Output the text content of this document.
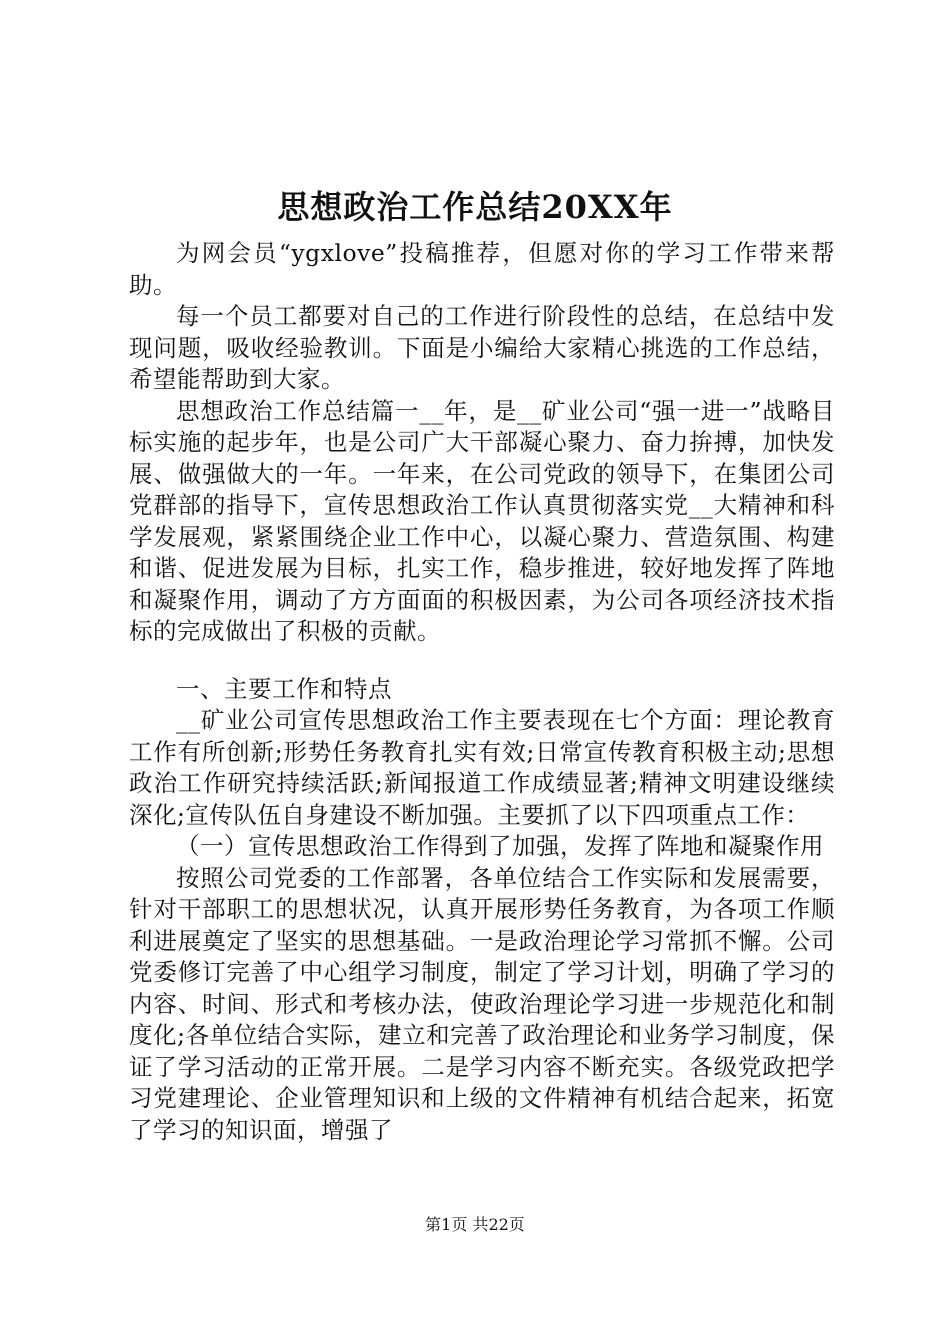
思想政治工作总结20XX年

为网会员“ygxlove”投稿推荐，但愿对你的学习工作带来帮助。

每一个员工都要对自己的工作进行阶段性的总结，在总结中发现问题，吸收经验教训。下面是小编给大家精心挑选的工作总结，希望能帮助到大家。

思想政治工作总结篇一__年，是__矿业公司“强一进一”战略目标实施的起步年，也是公司广大干部凝心聚力、奋力拚搏，加快发展、做强做大的一年。一年来，在公司党政的领导下，在集团公司党群部的指导下，宣传思想政治工作认真贯彻落实党__大精神和科学发展观，紧紧围绕企业工作中心，以凝心聚力、营造氛围、构建和谐、促进发展为目标，扎实工作，稳步推进，较好地发挥了阵地和凝聚作用，调动了方方面面的积极因素，为公司各项经济技术指标的完成做出了积极的贡献。

一、主要工作和特点

__矿业公司宣传思想政治工作主要表现在七个方面：理论教育工作有所创新;形势任务教育扎实有效;日常宣传教育积极主动;思想政治工作研究持续活跃;新闻报道工作成绩显著;精神文明建设继续深化;宣传队伍自身建设不断加强。主要抓了以下四项重点工作：

（一）宣传思想政治工作得到了加强，发挥了阵地和凝聚作用

按照公司党委的工作部署，各单位结合工作实际和发展需要，针对干部职工的思想状况，认真开展形势任务教育，为各项工作顺利进展奠定了坚实的思想基础。一是政治理论学习常抓不懈。公司党委修订完善了中心组学习制度，制定了学习计划，明确了学习的内容、时间、形式和考核办法，使政治理论学习进一步规范化和制度化;各单位结合实际，建立和完善了政治理论和业务学习制度，保证了学习活动的正常开展。二是学习内容不断充实。各级党政把学习党建理论、企业管理知识和上级的文件精神有机结合起来，拓宽了学习的知识面，增强了

第1页 共22页
